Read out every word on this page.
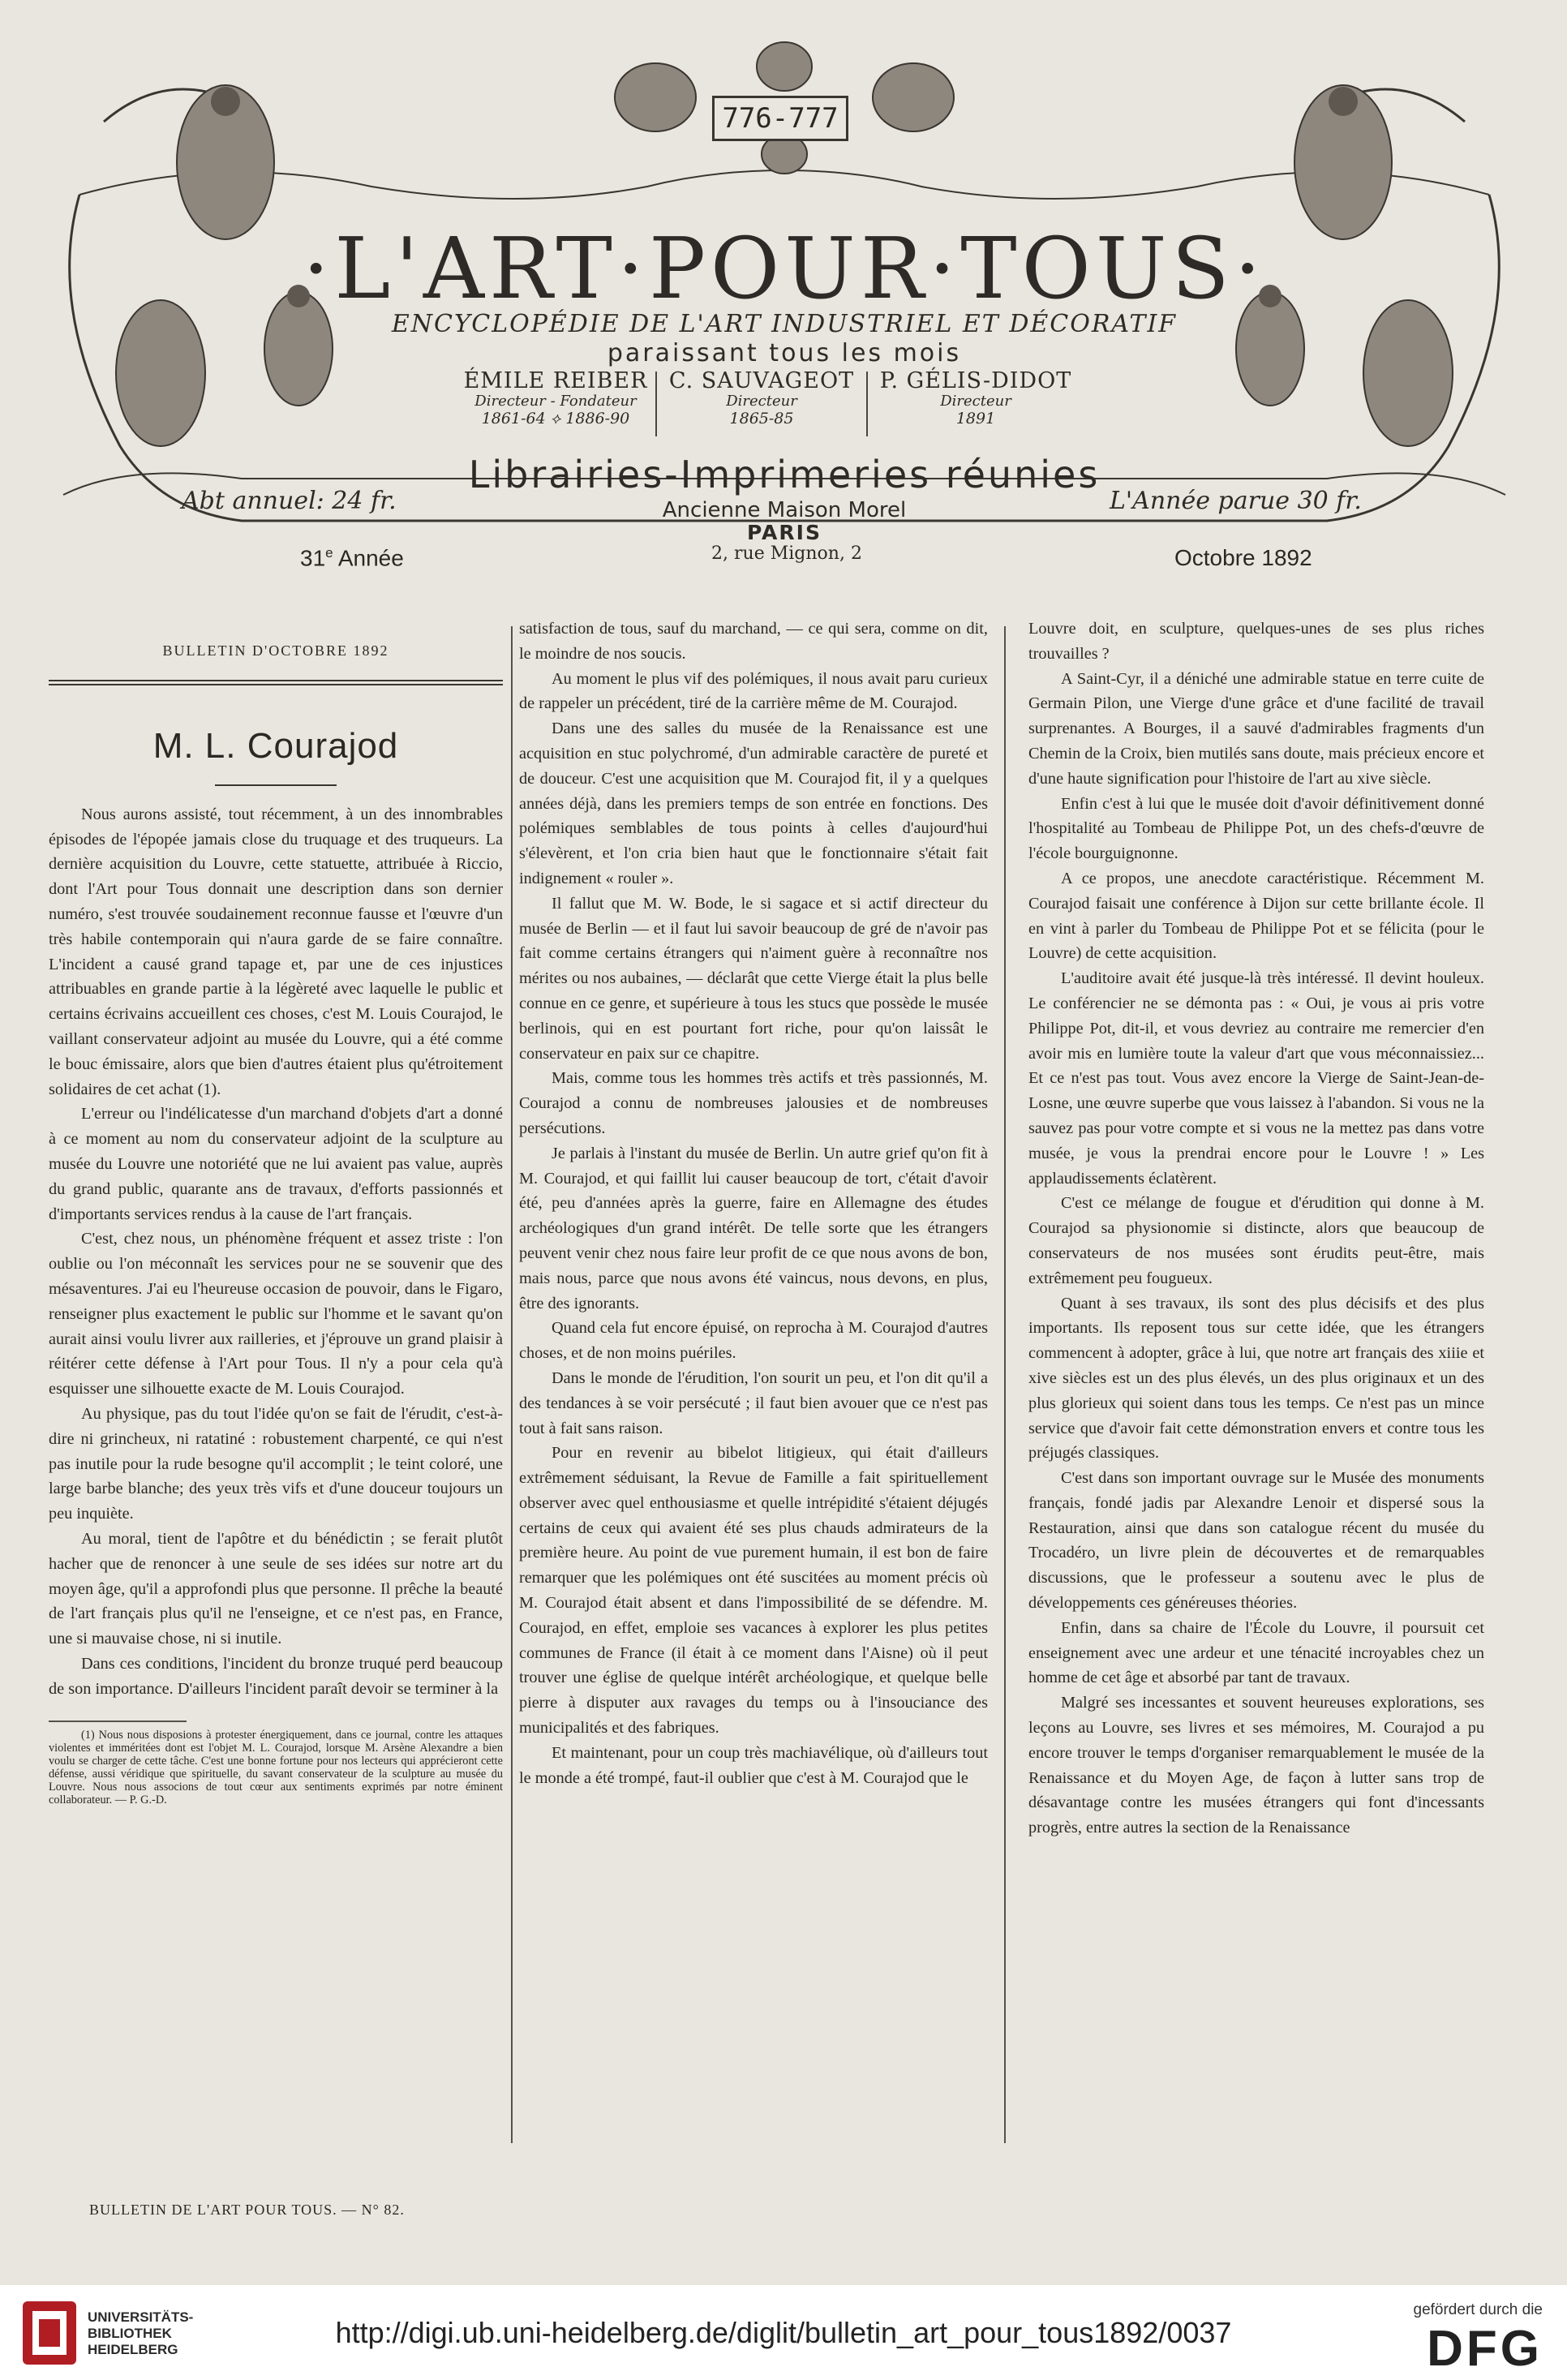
776-777
·L'ART·POUR·TOUS·
ENCYCLOPÉDIE DE L'ART INDUSTRIEL ET DÉCORATIF
paraissant tous les mois
ÉMILE REIBER
Directeur - Fondateur
1861-64 ⟡ 1886-90
C. SAUVAGEOT
Directeur
1865-85
P. GÉLIS-DIDOT
Directeur
1891
Librairies-Imprimeries réunies
Ancienne Maison Morel
PARIS
2, rue Mignon, 2
Abt annuel: 24 fr.	L'Année parue 30 fr.
31e Année	Octobre 1892

BULLETIN D'OCTOBRE 1892

M. L. Courajod

Nous aurons assisté, tout récemment, à un des innombrables épisodes de l'épopée jamais close du truquage et des truqueurs. La dernière acquisition du Louvre, cette statuette, attribuée à Riccio, dont l'Art pour Tous donnait une description dans son dernier numéro, s'est trouvée soudainement reconnue fausse et l'œuvre d'un très habile contemporain qui n'aura garde de se faire connaître. L'incident a causé grand tapage et, par une de ces injustices attribuables en grande partie à la légèreté avec laquelle le public et certains écrivains accueillent ces choses, c'est M. Louis Courajod, le vaillant conservateur adjoint au musée du Louvre, qui a été comme le bouc émissaire, alors que bien d'autres étaient plus qu'étroitement solidaires de cet achat (1).

L'erreur ou l'indélicatesse d'un marchand d'objets d'art a donné à ce moment au nom du conservateur adjoint de la sculpture au musée du Louvre une notoriété que ne lui avaient pas value, auprès du grand public, quarante ans de travaux, d'efforts passionnés et d'importants services rendus à la cause de l'art français.

C'est, chez nous, un phénomène fréquent et assez triste : l'on oublie ou l'on méconnaît les services pour ne se souvenir que des mésaventures. J'ai eu l'heureuse occasion de pouvoir, dans le Figaro, renseigner plus exactement le public sur l'homme et le savant qu'on aurait ainsi voulu livrer aux railleries, et j'éprouve un grand plaisir à réitérer cette défense à l'Art pour Tous. Il n'y a pour cela qu'à esquisser une silhouette exacte de M. Louis Courajod.

Au physique, pas du tout l'idée qu'on se fait de l'érudit, c'est-à-dire ni grincheux, ni ratatiné : robustement charpenté, ce qui n'est pas inutile pour la rude besogne qu'il accomplit ; le teint coloré, une large barbe blanche; des yeux très vifs et d'une douceur toujours un peu inquiète.

Au moral, tient de l'apôtre et du bénédictin ; se ferait plutôt hacher que de renoncer à une seule de ses idées sur notre art du moyen âge, qu'il a approfondi plus que personne. Il prêche la beauté de l'art français plus qu'il ne l'enseigne, et ce n'est pas, en France, une si mauvaise chose, ni si inutile.

Dans ces conditions, l'incident du bronze truqué perd beaucoup de son importance. D'ailleurs l'incident paraît devoir se terminer à la

(1) Nous nous disposions à protester énergiquement, dans ce journal, contre les attaques violentes et imméritées dont est l'objet M. L. Courajod, lorsque M. Arsène Alexandre a bien voulu se charger de cette tâche. C'est une bonne fortune pour nos lecteurs qui apprécieront cette défense, aussi véridique que spirituelle, du savant conservateur de la sculpture au musée du Louvre. Nous nous associons de tout cœur aux sentiments exprimés par notre éminent collaborateur. — P. G.-D.

satisfaction de tous, sauf du marchand, — ce qui sera, comme on dit, le moindre de nos soucis.

Au moment le plus vif des polémiques, il nous avait paru curieux de rappeler un précédent, tiré de la carrière même de M. Courajod.

Dans une des salles du musée de la Renaissance est une acquisition en stuc polychromé, d'un admirable caractère de pureté et de douceur. C'est une acquisition que M. Courajod fit, il y a quelques années déjà, dans les premiers temps de son entrée en fonctions. Des polémiques semblables de tous points à celles d'aujourd'hui s'élevèrent, et l'on cria bien haut que le fonctionnaire s'était fait indignement « rouler ».

Il fallut que M. W. Bode, le si sagace et si actif directeur du musée de Berlin — et il faut lui savoir beaucoup de gré de n'avoir pas fait comme certains étrangers qui n'aiment guère à reconnaître nos mérites ou nos aubaines, — déclarât que cette Vierge était la plus belle connue en ce genre, et supérieure à tous les stucs que possède le musée berlinois, qui en est pourtant fort riche, pour qu'on laissât le conservateur en paix sur ce chapitre.

Mais, comme tous les hommes très actifs et très passionnés, M. Courajod a connu de nombreuses jalousies et de nombreuses persécutions.

Je parlais à l'instant du musée de Berlin. Un autre grief qu'on fit à M. Courajod, et qui faillit lui causer beaucoup de tort, c'était d'avoir été, peu d'années après la guerre, faire en Allemagne des études archéologiques d'un grand intérêt. De telle sorte que les étrangers peuvent venir chez nous faire leur profit de ce que nous avons de bon, mais nous, parce que nous avons été vaincus, nous devons, en plus, être des ignorants.

Quand cela fut encore épuisé, on reprocha à M. Courajod d'autres choses, et de non moins puériles.

Dans le monde de l'érudition, l'on sourit un peu, et l'on dit qu'il a des tendances à se voir persécuté ; il faut bien avouer que ce n'est pas tout à fait sans raison.

Pour en revenir au bibelot litigieux, qui était d'ailleurs extrêmement séduisant, la Revue de Famille a fait spirituellement observer avec quel enthousiasme et quelle intrépidité s'étaient déjugés certains de ceux qui avaient été ses plus chauds admirateurs de la première heure. Au point de vue purement humain, il est bon de faire remarquer que les polémiques ont été suscitées au moment précis où M. Courajod était absent et dans l'impossibilité de se défendre. M. Courajod, en effet, emploie ses vacances à explorer les plus petites communes de France (il était à ce moment dans l'Aisne) où il peut trouver une église de quelque intérêt archéologique, et quelque belle pierre à disputer aux ravages du temps ou à l'insouciance des municipalités et des fabriques.

Et maintenant, pour un coup très machiavélique, où d'ailleurs tout le monde a été trompé, faut-il oublier que c'est à M. Courajod que le

Louvre doit, en sculpture, quelques-unes de ses plus riches trouvailles ?

A Saint-Cyr, il a déniché une admirable statue en terre cuite de Germain Pilon, une Vierge d'une grâce et d'une facilité de travail surprenantes. A Bourges, il a sauvé d'admirables fragments d'un Chemin de la Croix, bien mutilés sans doute, mais précieux encore et d'une haute signification pour l'histoire de l'art au xive siècle.

Enfin c'est à lui que le musée doit d'avoir définitivement donné l'hospitalité au Tombeau de Philippe Pot, un des chefs-d'œuvre de l'école bourguignonne.

A ce propos, une anecdote caractéristique. Récemment M. Courajod faisait une conférence à Dijon sur cette brillante école. Il en vint à parler du Tombeau de Philippe Pot et se félicita (pour le Louvre) de cette acquisition.

L'auditoire avait été jusque-là très intéressé. Il devint houleux. Le conférencier ne se démonta pas : « Oui, je vous ai pris votre Philippe Pot, dit-il, et vous devriez au contraire me remercier d'en avoir mis en lumière toute la valeur d'art que vous méconnaissiez... Et ce n'est pas tout. Vous avez encore la Vierge de Saint-Jean-de-Losne, une œuvre superbe que vous laissez à l'abandon. Si vous ne la sauvez pas pour votre compte et si vous ne la mettez pas dans votre musée, je vous la prendrai encore pour le Louvre ! » Les applaudissements éclatèrent.

C'est ce mélange de fougue et d'érudition qui donne à M. Courajod sa physionomie si distincte, alors que beaucoup de conservateurs de nos musées sont érudits peut-être, mais extrêmement peu fougueux.

Quant à ses travaux, ils sont des plus décisifs et des plus importants. Ils reposent tous sur cette idée, que les étrangers commencent à adopter, grâce à lui, que notre art français des xiiie et xive siècles est un des plus élevés, un des plus originaux et un des plus glorieux qui soient dans tous les temps. Ce n'est pas un mince service que d'avoir fait cette démonstration envers et contre tous les préjugés classiques.

C'est dans son important ouvrage sur le Musée des monuments français, fondé jadis par Alexandre Lenoir et dispersé sous la Restauration, ainsi que dans son catalogue récent du musée du Trocadéro, un livre plein de découvertes et de remarquables discussions, que le professeur a soutenu avec le plus de développements ces généreuses théories.

Enfin, dans sa chaire de l'École du Louvre, il poursuit cet enseignement avec une ardeur et une ténacité incroyables chez un homme de cet âge et absorbé par tant de travaux.

Malgré ses incessantes et souvent heureuses explorations, ses leçons au Louvre, ses livres et ses mémoires, M. Courajod a pu encore trouver le temps d'organiser remarquablement le musée de la Renaissance et du Moyen Age, de façon à lutter sans trop de désavantage contre les musées étrangers qui font d'incessants progrès, entre autres la section de la Renaissance

BULLETIN DE L'ART POUR TOUS. — N° 82.
UNIVERSITÄTS-
BIBLIOTHEK
HEIDELBERG
http://digi.ub.uni-heidelberg.de/diglit/bulletin_art_pour_tous1892/0037
gefördert durch die
DFG
